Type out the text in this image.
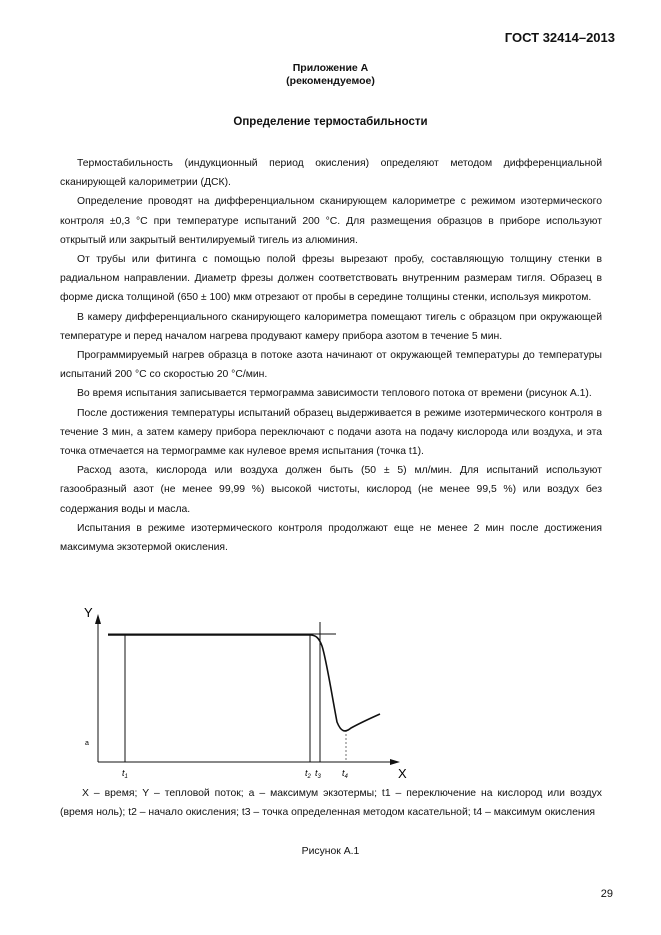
ГОСТ 32414–2013
Приложение А
(рекомендуемое)
Определение термостабильности

Термостабильность (индукционный период окисления) определяют методом дифференциальной сканирующей калориметрии (ДСК).

Определение проводят на дифференциальном сканирующем калориметре с режимом изотермического контроля ±0,3 °С при температуре испытаний 200 °С. Для размещения образцов в приборе используют открытый или закрытый вентилируемый тигель из алюминия.

От трубы или фитинга с помощью полой фрезы вырезают пробу, составляющую толщину стенки в радиальном направлении. Диаметр фрезы должен соответствовать внутренним размерам тигля. Образец в форме диска толщиной (650 ± 100) мкм отрезают от пробы в середине толщины стенки, используя микротом.

В камеру дифференциального сканирующего калориметра помещают тигель с образцом при окружающей температуре и перед началом нагрева продувают камеру прибора азотом в течение 5 мин.

Программируемый нагрев образца в потоке азота начинают от окружающей температуры до температуры испытаний 200 °С со скоростью 20 °С/мин.

Во время испытания записывается термограмма зависимости теплового потока от времени (рисунок А.1).

После достижения температуры испытаний образец выдерживается в режиме изотермического контроля в течение 3 мин, а затем камеру прибора переключают с подачи азота на подачу кислорода или воздуха, и эта точка отмечается на термограмме как нулевое время испытания (точка t1).

Расход азота, кислорода или воздуха должен быть (50 ± 5) мл/мин. Для испытаний используют газообразный азот (не менее 99,99 %) высокой чистоты, кислород (не менее 99,5 %) или воздух без содержания воды и масла.

Испытания в режиме изотермического контроля продолжают еще не менее 2 мин после достижения максимума экзотермой окисления.

Y
X
a
$t_1$	$t_2$ $t_3$ $t_4$
X – время; Y – тепловой поток; a – максимум экзотермы; t1 – переключение на кислород или воздух (время ноль); t2 – начало окисления; t3 – точка определенная методом касательной; t4 – максимум окисления
Рисунок А.1
29
